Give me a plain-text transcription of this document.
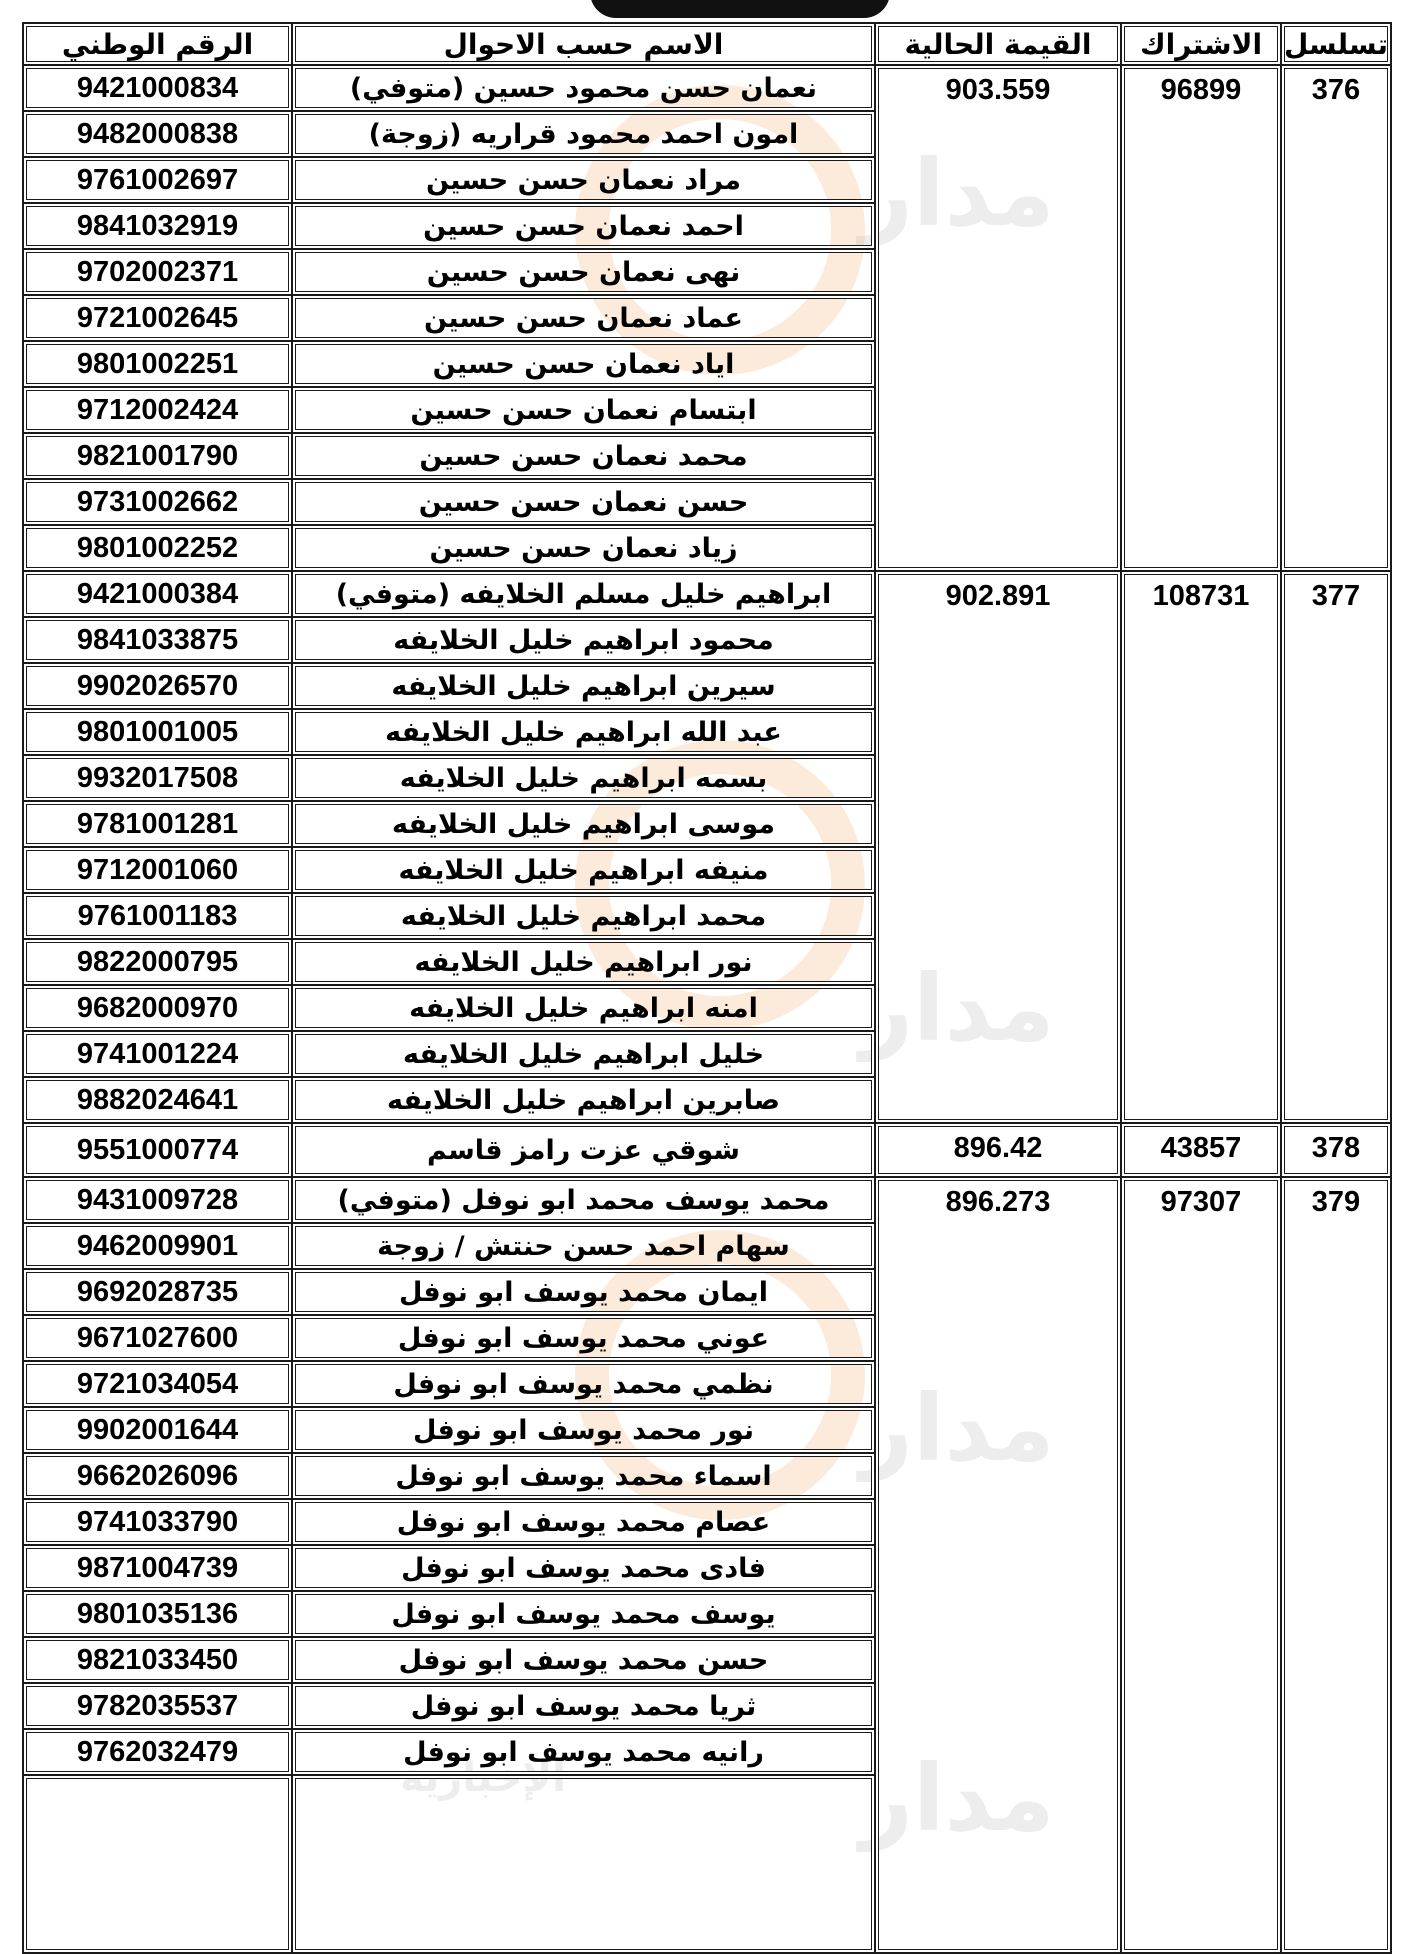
مدار
مدار
مدار
مدار
الإخبارية
تسلسل	الاشتراك	القيمة الحالية	الاسم حسب الاحوال	الرقم الوطني
376	96899	903.559	نعمان حسن محمود حسين (متوفي)	9421000834
			امون احمد محمود قراريه (زوجة)	9482000838
			مراد نعمان حسن حسين	9761002697
			احمد نعمان حسن حسين	9841032919
			نهى نعمان حسن حسين	9702002371
			عماد نعمان حسن حسين	9721002645
			اياد نعمان حسن حسين	9801002251
			ابتسام نعمان حسن حسين	9712002424
			محمد نعمان حسن حسين	9821001790
			حسن نعمان حسن حسين	9731002662
			زياد نعمان حسن حسين	9801002252
377	108731	902.891	ابراهيم خليل مسلم الخلايفه (متوفي)	9421000384
			محمود ابراهيم خليل الخلايفه	9841033875
			سيرين ابراهيم خليل الخلايفه	9902026570
			عبد الله ابراهيم خليل الخلايفه	9801001005
			بسمه ابراهيم خليل الخلايفه	9932017508
			موسى ابراهيم خليل الخلايفه	9781001281
			منيفه ابراهيم خليل الخلايفه	9712001060
			محمد ابراهيم خليل الخلايفه	9761001183
			نور ابراهيم خليل الخلايفه	9822000795
			امنه ابراهيم خليل الخلايفه	9682000970
			خليل ابراهيم خليل الخلايفه	9741001224
			صابرين ابراهيم خليل الخلايفه	9882024641
378	43857	896.42	شوقي عزت رامز قاسم	9551000774
379	97307	896.273	محمد يوسف محمد ابو نوفل (متوفي)	9431009728
			سهام احمد حسن حنتش / زوجة	9462009901
			ايمان محمد يوسف ابو نوفل	9692028735
			عوني محمد يوسف ابو نوفل	9671027600
			نظمي محمد يوسف ابو نوفل	9721034054
			نور محمد يوسف ابو نوفل	9902001644
			اسماء محمد يوسف ابو نوفل	9662026096
			عصام محمد يوسف ابو نوفل	9741033790
			فادى محمد يوسف ابو نوفل	9871004739
			يوسف محمد يوسف ابو نوفل	9801035136
			حسن محمد يوسف ابو نوفل	9821033450
			ثريا محمد يوسف ابو نوفل	9782035537
			رانيه محمد يوسف ابو نوفل	9762032479
